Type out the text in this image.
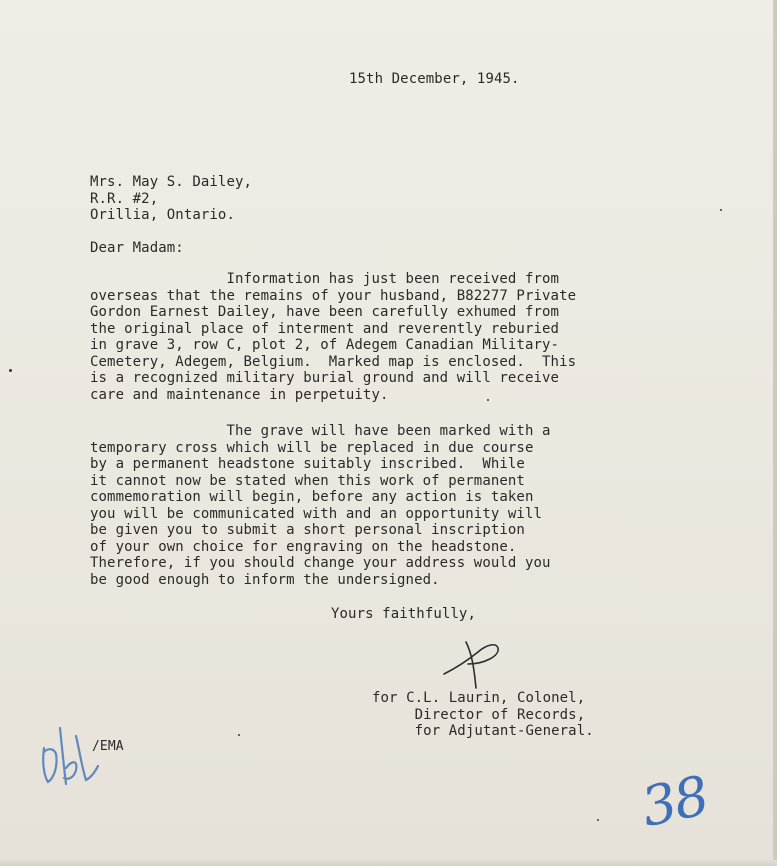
15th December, 1945.
Mrs. May S. Dailey,
R.R. #2,
Orillia, Ontario.
Dear Madam:
Information has just been received from
overseas that the remains of your husband, B82277 Private
Gordon Earnest Dailey, have been carefully exhumed from
the original place of interment and reverently reburied
in grave 3, row C, plot 2, of Adegem Canadian Military-
Cemetery, Adegem, Belgium.  Marked map is enclosed.  This
is a recognized military burial ground and will receive
care and maintenance in perpetuity.
The grave will have been marked with a
temporary cross which will be replaced in due course
by a permanent headstone suitably inscribed.  While
it cannot now be stated when this work of permanent
commemoration will begin, before any action is taken
you will be communicated with and an opportunity will
be given you to submit a short personal inscription
of your own choice for engraving on the headstone.
Therefore, if you should change your address would you
be good enough to inform the undersigned.
Yours faithfully,
for C.L. Laurin, Colonel,
Director of Records,
for Adjutant-General.
/EMA
38
